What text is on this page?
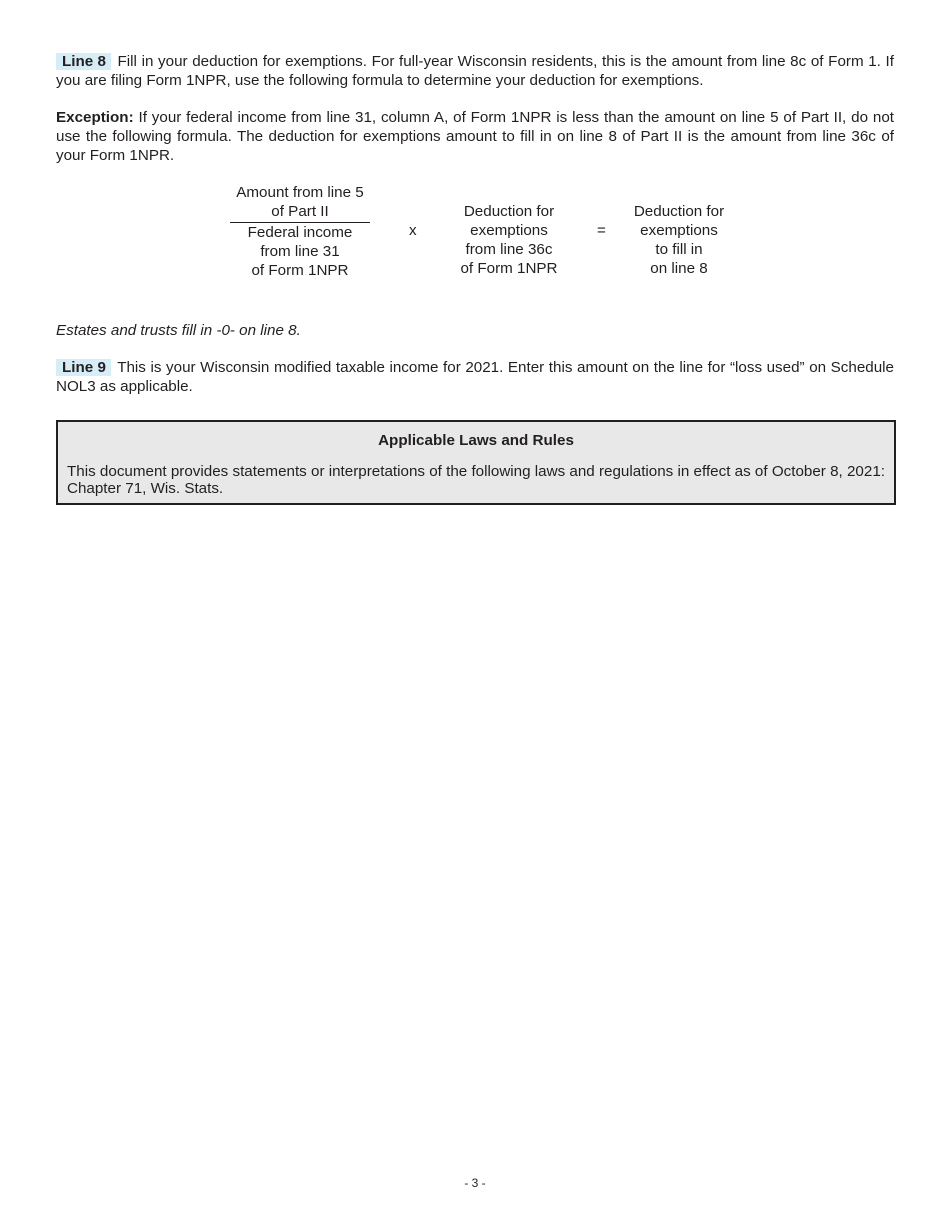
Line 8 Fill in your deduction for exemptions. For full-year Wisconsin residents, this is the amount from line 8c of Form 1. If you are filing Form 1NPR, use the following formula to determine your deduction for exemptions.

Exception: If your federal income from line 31, column A, of Form 1NPR is less than the amount on line 5 of Part II, do not use the following formula. The deduction for exemptions amount to fill in on line 8 of Part II is the amount from line 36c of your Form 1NPR.

Amount from line 5
of Part II
Federal income
from line 31
of Form 1NPR
x
Deduction for
exemptions
from line 36c
of Form 1NPR
=
Deduction for
exemptions
to fill in
on line 8

Estates and trusts fill in -0- on line 8.

Line 9 This is your Wisconsin modified taxable income for 2021. Enter this amount on the line for “loss used” on Schedule NOL3 as applicable.

Applicable Laws and Rules
This document provides statements or interpretations of the following laws and regulations in effect as of October 8, 2021: Chapter 71, Wis. Stats.
- 3 -
